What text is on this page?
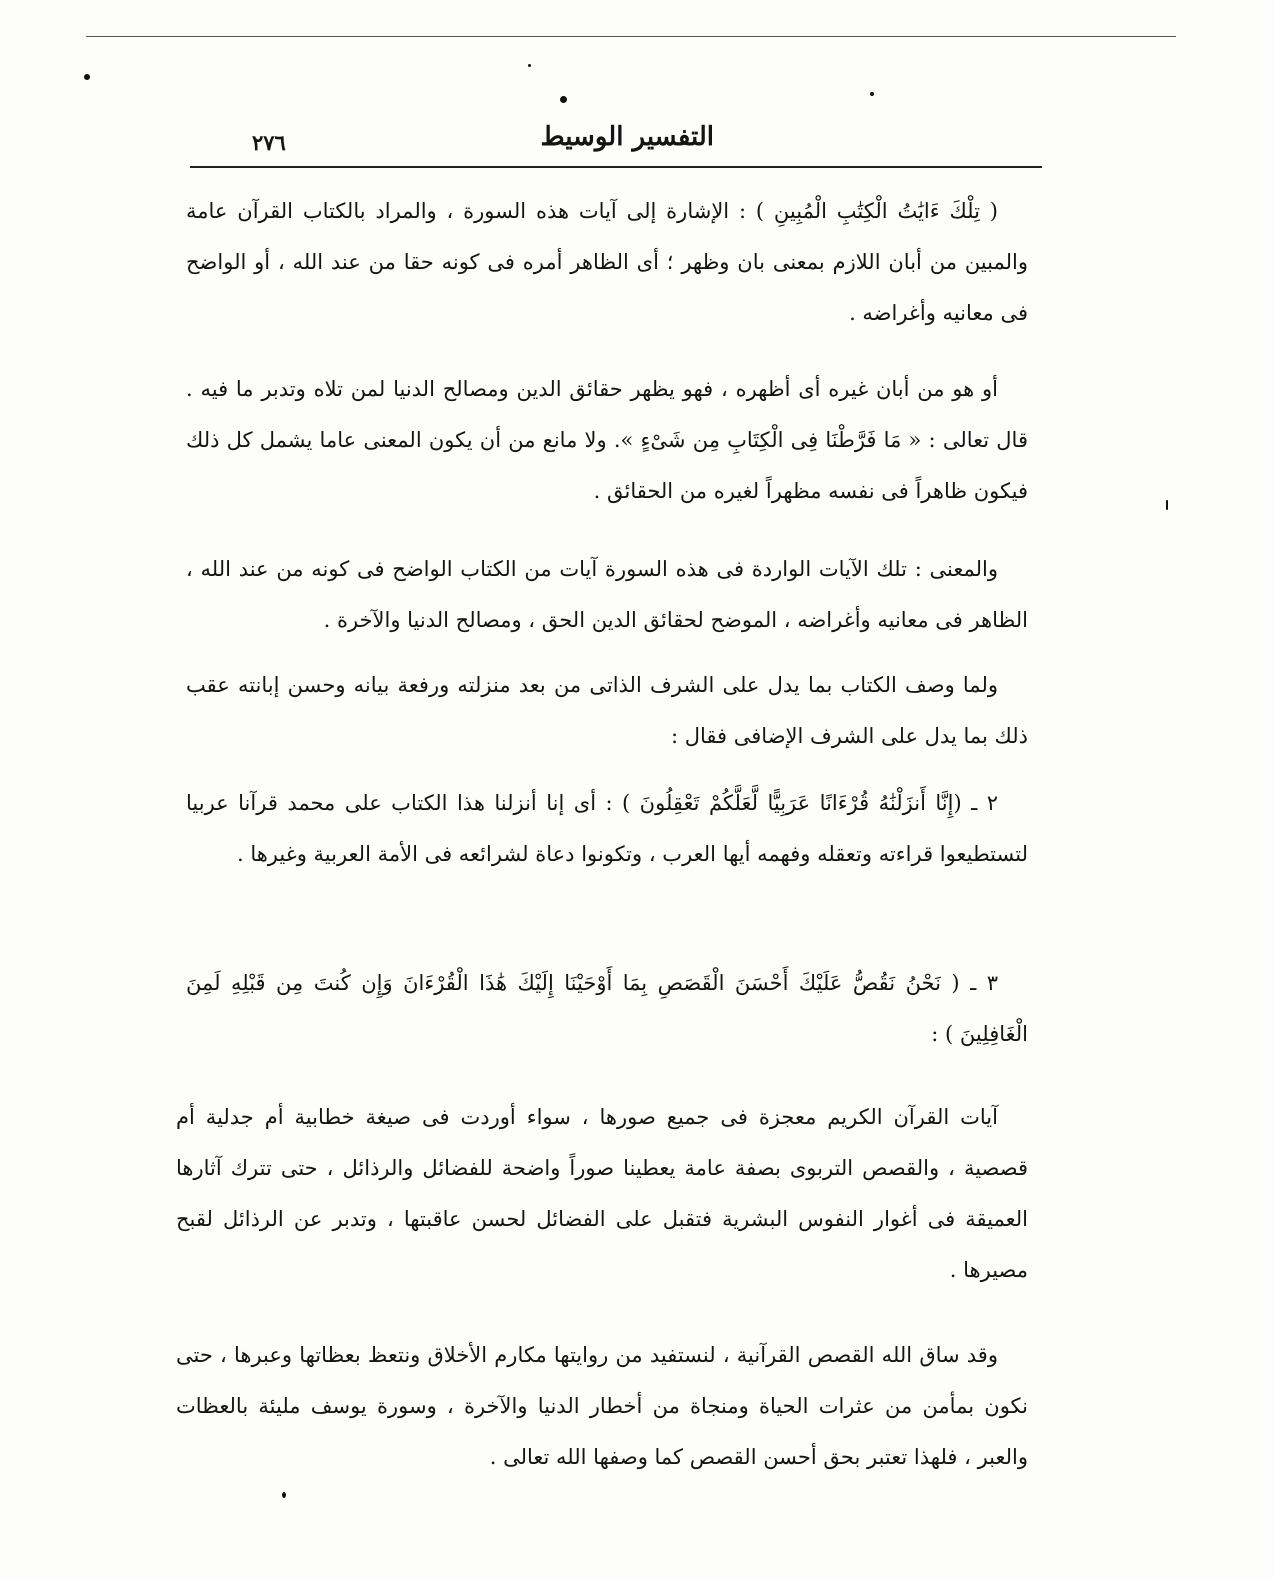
التفسير الوسيط
٢٧٦

( تِلْكَ ءَايَٰتُ الْكِتَٰبِ الْمُبِينِ ) : الإشارة إلى آيات هذه السورة ، والمراد بالكتاب القرآن عامة والمبين من أبان اللازم بمعنى بان وظهر ؛ أى الظاهر أمره فى كونه حقا من عند الله ، أو الواضح فى معانيه وأغراضه .

أو هو من أبان غيره أى أظهره ، فهو يظهر حقائق الدين ومصالح الدنيا لمن تلاه وتدبر ما فيه . قال تعالى : « مَا فَرَّطْنَا فِى الْكِتَابِ مِن شَىْءٍ ». ولا مانع من أن يكون المعنى عاما يشمل كل ذلك فيكون ظاهراً فى نفسه مظهراً لغيره من الحقائق .

والمعنى : تلك الآيات الواردة فى هذه السورة آيات من الكتاب الواضح فى كونه من عند الله ، الظاهر فى معانيه وأغراضه ، الموضح لحقائق الدين الحق ، ومصالح الدنيا والآخرة .

ولما وصف الكتاب بما يدل على الشرف الذاتى من بعد منزلته ورفعة بيانه وحسن إبانته عقب ذلك بما يدل على الشرف الإضافى فقال :

٢ ـ (إِنَّا أَنزَلْنَٰهُ قُرْءَانًا عَرَبِيًّا لَّعَلَّكُمْ تَعْقِلُونَ ) : أى إنا أنزلنا هذا الكتاب على محمد قرآنا عربيا لتستطيعوا قراءته وتعقله وفهمه أيها العرب ، وتكونوا دعاة لشرائعه فى الأمة العربية وغيرها .

٣ ـ ( نَحْنُ نَقُصُّ عَلَيْكَ أَحْسَنَ الْقَصَصِ بِمَا أَوْحَيْنَا إِلَيْكَ هَٰذَا الْقُرْءَانَ وَإِن كُنتَ مِن قَبْلِهِ لَمِنَ الْغَافِلِينَ ) :

آيات القرآن الكريم معجزة فى جميع صورها ، سواء أوردت فى صيغة خطابية أم جدلية أم قصصية ، والقصص التربوى بصفة عامة يعطينا صوراً واضحة للفضائل والرذائل ، حتى تترك آثارها العميقة فى أغوار النفوس البشرية فتقبل على الفضائل لحسن عاقبتها ، وتدبر عن الرذائل لقبح مصيرها .

وقد ساق الله القصص القرآنية ، لنستفيد من روايتها مكارم الأخلاق ونتعظ بعظاتها وعبرها ، حتى نكون بمأمن من عثرات الحياة ومنجاة من أخطار الدنيا والآخرة ، وسورة يوسف مليئة بالعظات والعبر ، فلهذا تعتبر بحق أحسن القصص كما وصفها الله تعالى .
